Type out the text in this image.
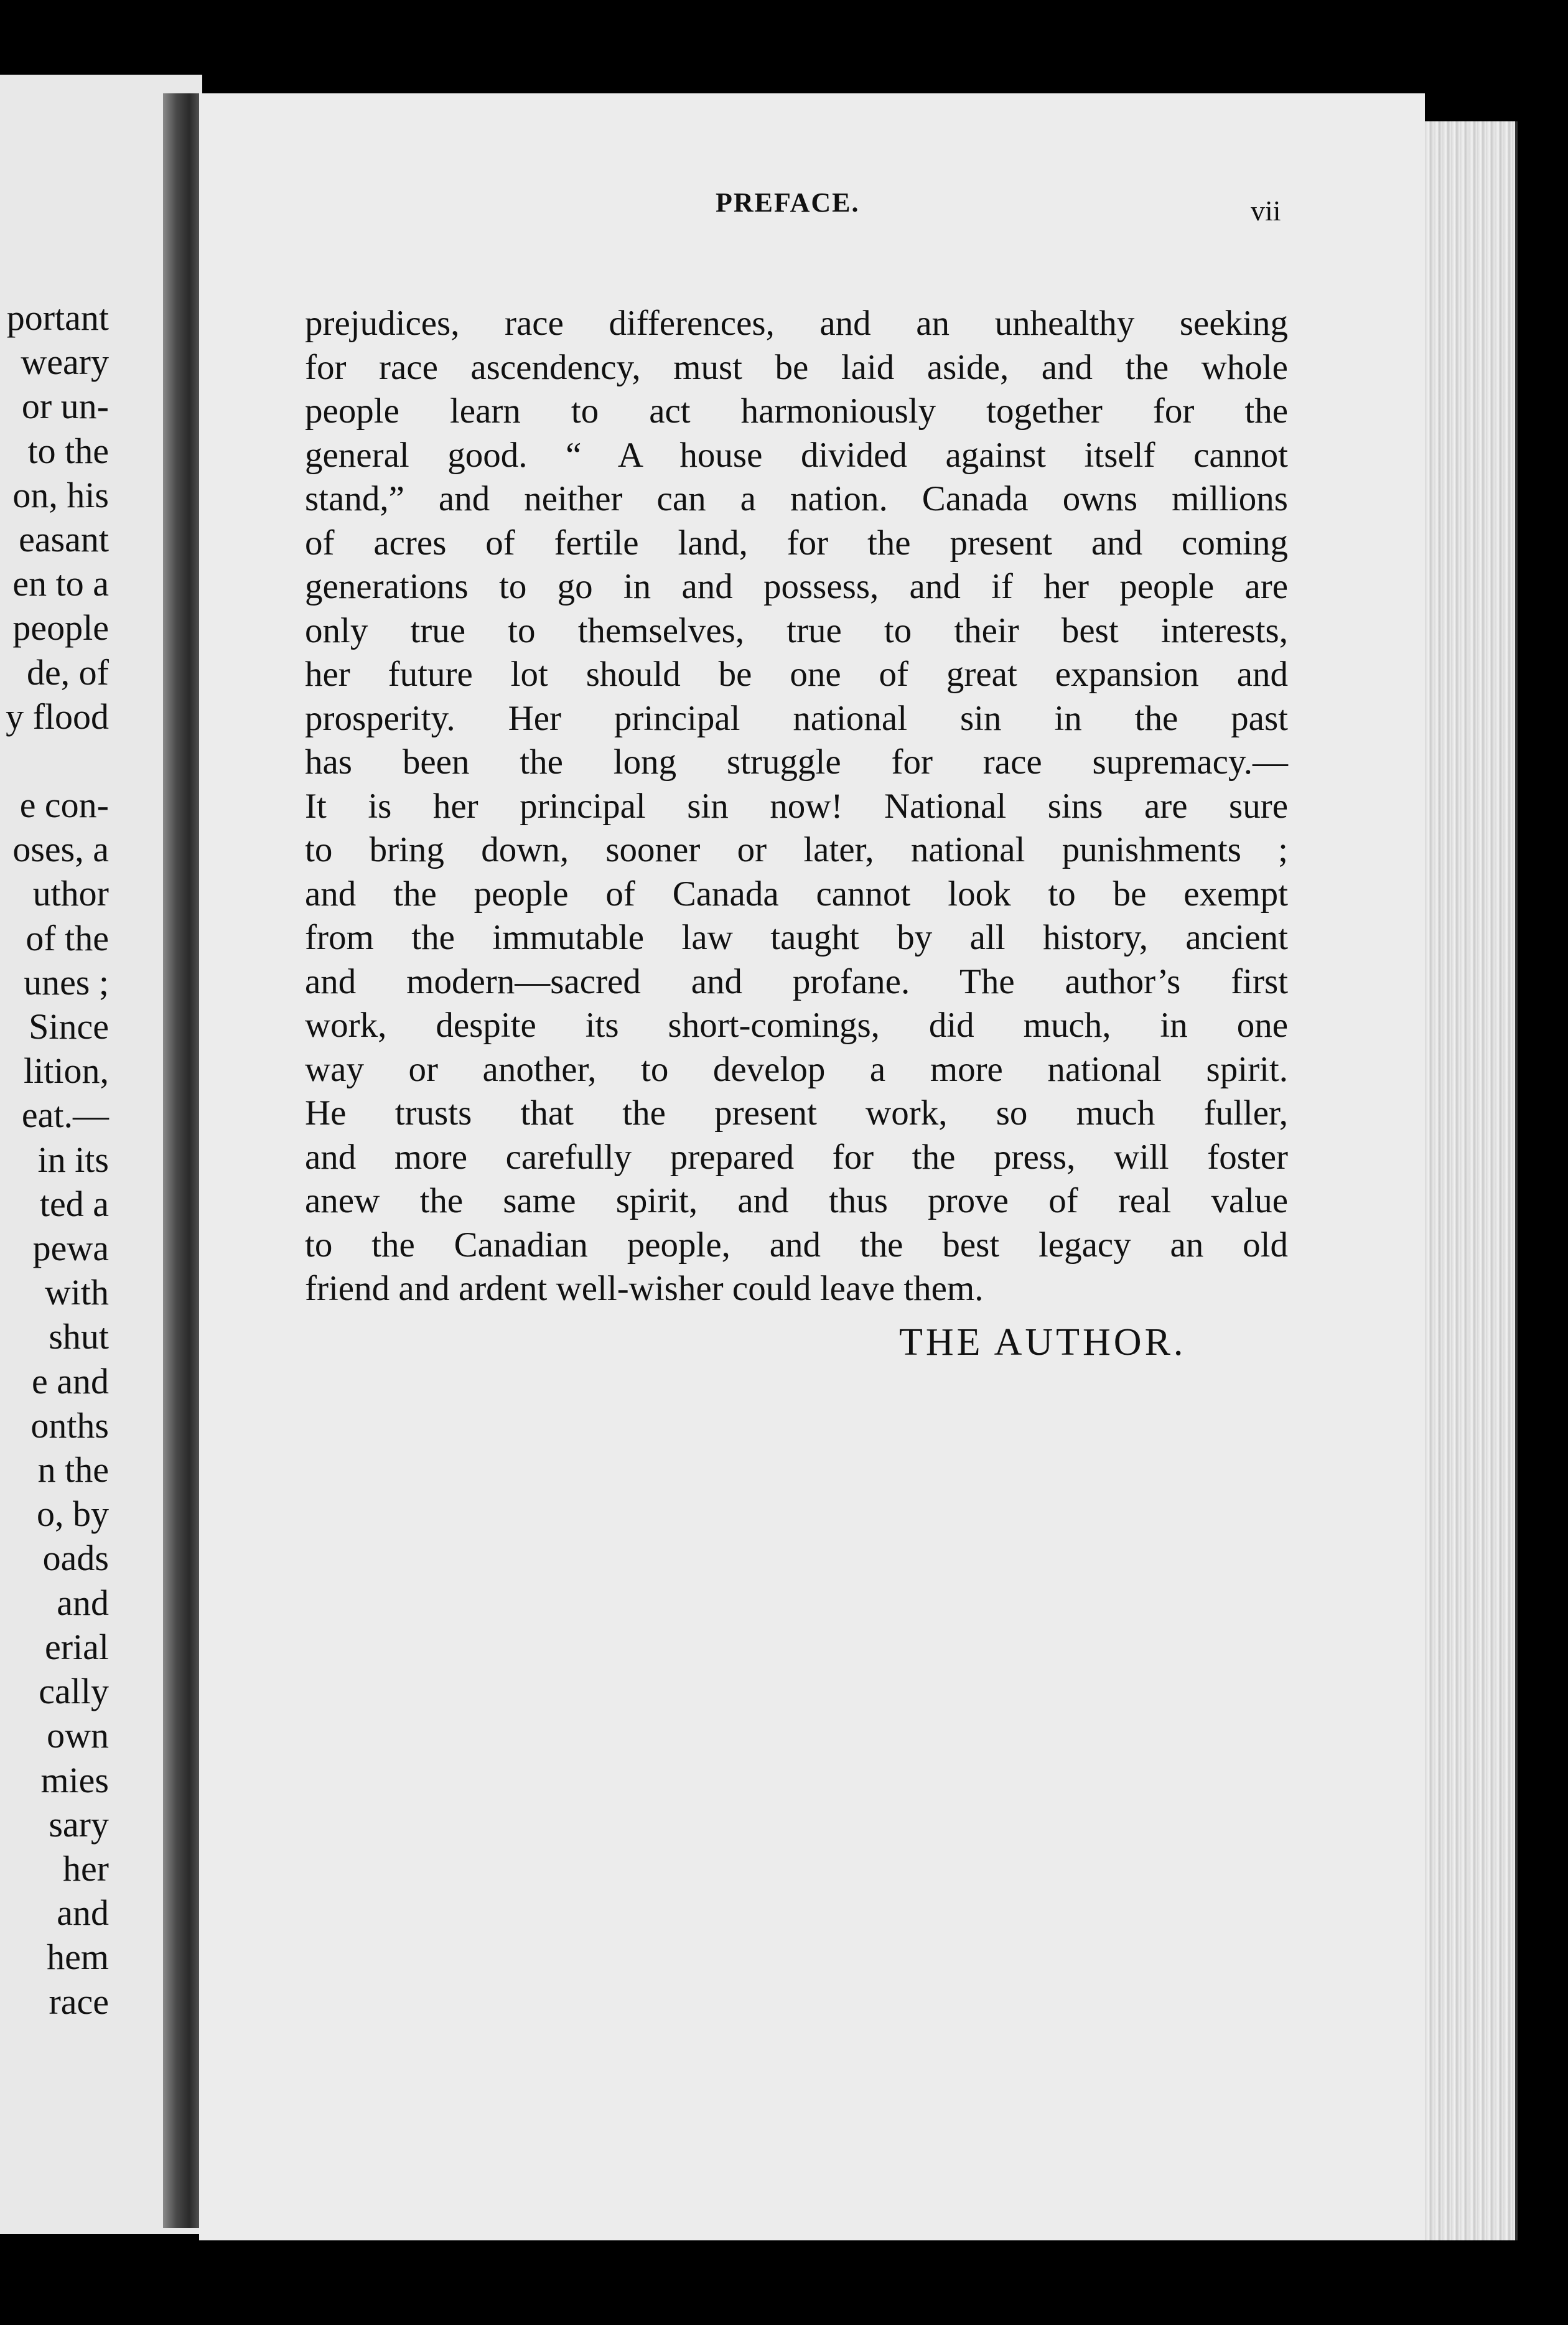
portant
weary
or un-
to the
on, his
easant
en to a
people
de, of
y flood
e con-
oses, a
uthor
of the
unes ;
Since
lition,
eat.—
in its
ted a
pewa
with
shut
e and
onths
n the
o, by
oads
and
erial
cally
own
mies
sary
her
and
hem
race
PREFACE.	vii
prejudices, race differences, and an unhealthy seeking
for race ascendency, must be laid aside, and the whole
people learn to act harmoniously together for the
general good. “ A house divided against itself cannot
stand,” and neither can a nation. Canada owns millions
of acres of fertile land, for the present and coming
generations to go in and possess, and if her people are
only true to themselves, true to their best interests,
her future lot should be one of great expansion and
prosperity. Her principal national sin in the past
has been the long struggle for race supremacy.—
It is her principal sin now! National sins are sure
to bring down, sooner or later, national punishments ;
and the people of Canada cannot look to be exempt
from the immutable law taught by all history, ancient
and modern—sacred and profane. The author’s first
work, despite its short-comings, did much, in one
way or another, to develop a more national spirit.
He trusts that the present work, so much fuller,
and more carefully prepared for the press, will foster
anew the same spirit, and thus prove of real value
to the Canadian people, and the best legacy an old
friend and ardent well-wisher could leave them.
THE AUTHOR.
